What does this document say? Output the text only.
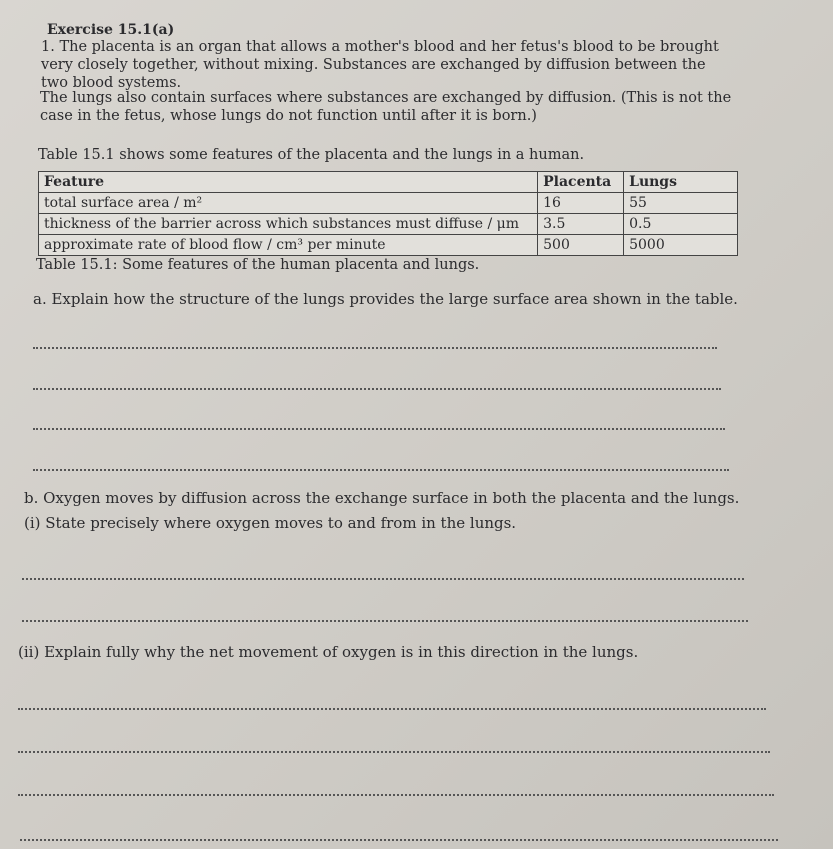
Exercise 15.1(a)
1. The placenta is an organ that allows a mother's blood and her fetus's blood to be brought
very closely together, without mixing. Substances are exchanged by diffusion between the
two blood systems.
The lungs also contain surfaces where substances are exchanged by diffusion. (This is not the
case in the fetus, whose lungs do not function until after it is born.)
Table 15.1 shows some features of the placenta and the lungs in a human.
Feature	Placenta	Lungs
total surface area / m²	16	55
thickness of the barrier across which substances must diffuse / μm	3.5	0.5
approximate rate of blood flow / cm³ per minute	500	5000
Table 15.1: Some features of the human placenta and lungs.
a. Explain how the structure of the lungs provides the large surface area shown in the table.
b. Oxygen moves by diffusion across the exchange surface in both the placenta and the lungs.
(i) State precisely where oxygen moves to and from in the lungs.
(ii) Explain fully why the net movement of oxygen is in this direction in the lungs.
